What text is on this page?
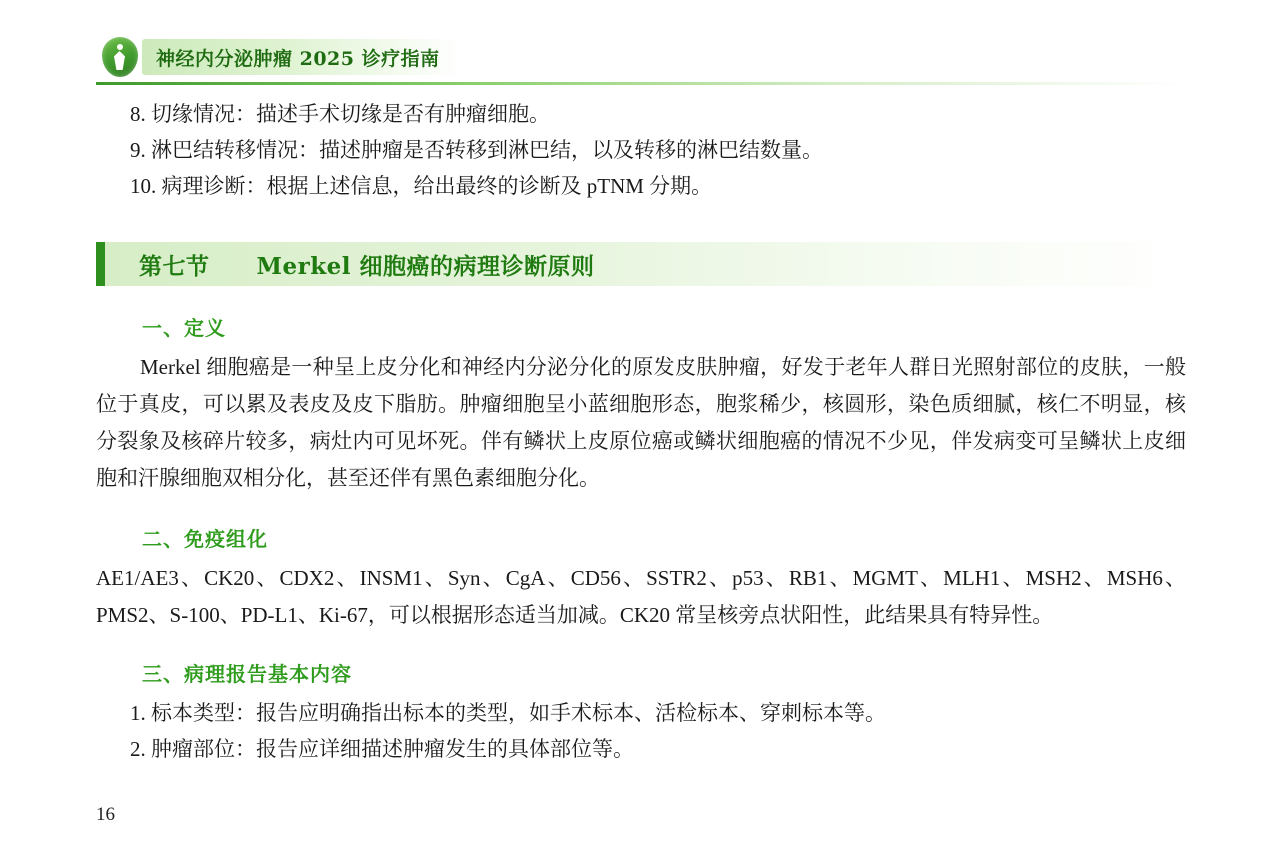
神经内分泌肿瘤 2025 诊疗指南

8. 切缘情况：描述手术切缘是否有肿瘤细胞。

9. 淋巴结转移情况：描述肿瘤是否转移到淋巴结，以及转移的淋巴结数量。

10. 病理诊断：根据上述信息，给出最终的诊断及 pTNM 分期。

第七节　　Merkel 细胞癌的病理诊断原则
一、定义

Merkel 细胞癌是一种呈上皮分化和神经内分泌分化的原发皮肤肿瘤，好发于老年人群日光照射部位的皮肤，一般位于真皮，可以累及表皮及皮下脂肪。肿瘤细胞呈小蓝细胞形态，胞浆稀少，核圆形，染色质细腻，核仁不明显，核分裂象及核碎片较多，病灶内可见坏死。伴有鳞状上皮原位癌或鳞状细胞癌的情况不少见，伴发病变可呈鳞状上皮细胞和汗腺细胞双相分化，甚至还伴有黑色素细胞分化。

二、免疫组化

AE1/AE3、CK20、CDX2、INSM1、Syn、CgA、CD56、SSTR2、p53、RB1、MGMT、MLH1、MSH2、MSH6、PMS2、S-100、PD-L1、Ki-67，可以根据形态适当加减。CK20 常呈核旁点状阳性，此结果具有特异性。

三、病理报告基本内容

1. 标本类型：报告应明确指出标本的类型，如手术标本、活检标本、穿刺标本等。

2. 肿瘤部位：报告应详细描述肿瘤发生的具体部位等。

16
